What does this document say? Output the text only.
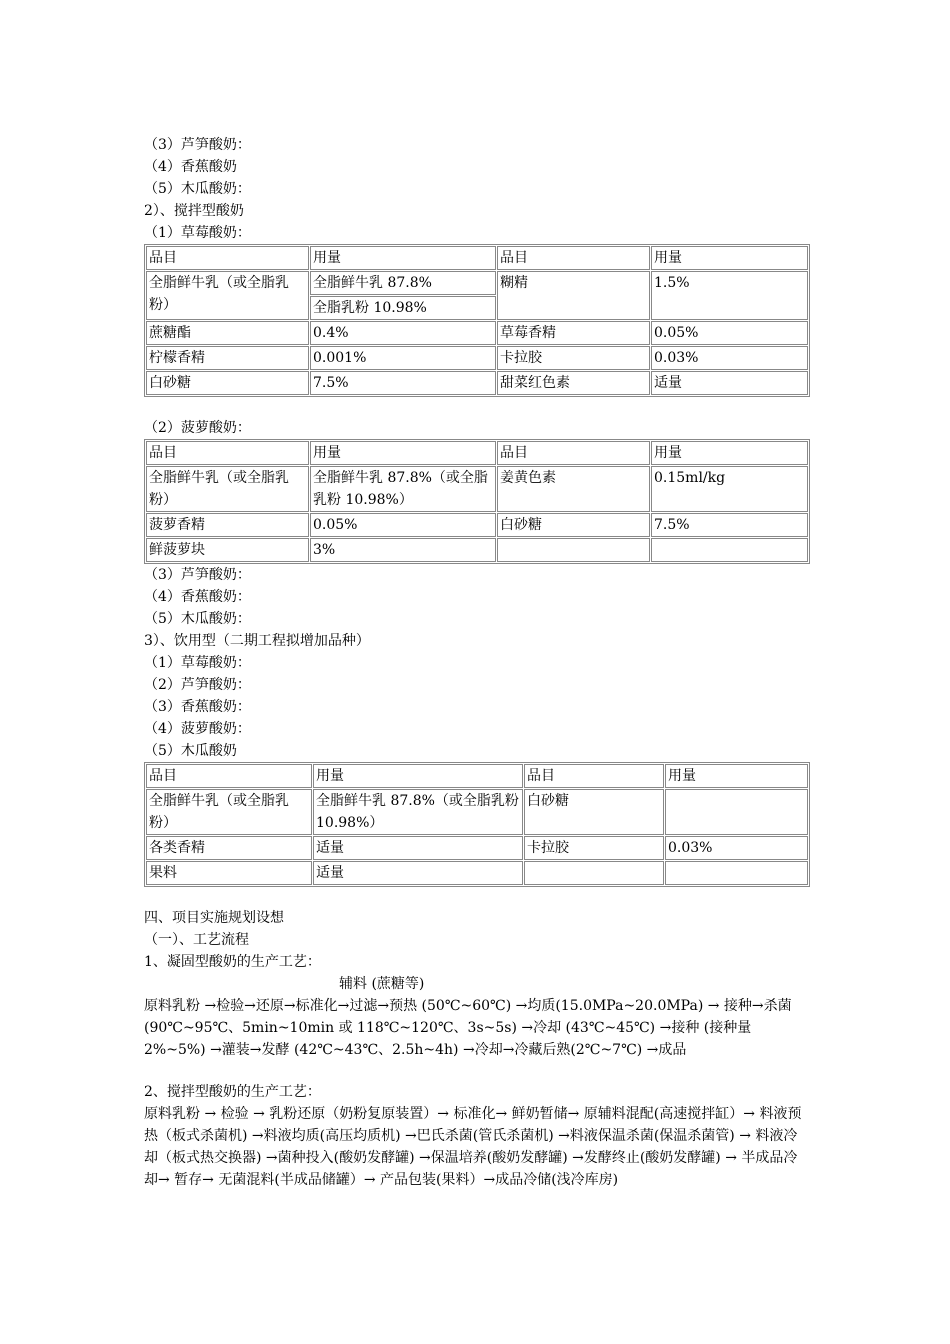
（3）芦笋酸奶：
（4）香蕉酸奶
（5）木瓜酸奶：
2）、搅拌型酸奶
（1）草莓酸奶：
品目	用量	品目	用量
全脂鲜牛乳（或全脂乳粉）	全脂鲜牛乳 87.8%	糊精	1.5%
	全脂乳粉 10.98%		
蔗糖酯	0.4%	草莓香精	0.05%
柠檬香精	0.001%	卡拉胶	0.03%
白砂糖	7.5%	甜菜红色素	适量
（2）菠萝酸奶：
品目	用量	品目	用量
全脂鲜牛乳（或全脂乳粉）	全脂鲜牛乳 87.8%（或全脂乳粉 10.98%）	姜黄色素	0.15ml/kg
菠萝香精	0.05%	白砂糖	7.5%
鲜菠萝块	3%		
（3）芦笋酸奶：
（4）香蕉酸奶：
（5）木瓜酸奶：
3）、饮用型（二期工程拟增加品种）
（1）草莓酸奶：
（2）芦笋酸奶：
（3）香蕉酸奶：
（4）菠萝酸奶：
（5）木瓜酸奶
品目	用量	品目	用量
全脂鲜牛乳（或全脂乳粉）	全脂鲜牛乳 87.8%（或全脂乳粉 10.98%）	白砂糖	
各类香精	适量	卡拉胶	0.03%
果料	适量		
四、项目实施规划设想
（一）、工艺流程
1、凝固型酸奶的生产工艺：
辅料 (蔗糖等)
原料乳粉 →检验→还原→标准化→过滤→预热 (50℃~60℃) →均质(15.0MPa~20.0MPa) → 接种→杀菌 (90℃~95℃、5min~10min 或 118℃~120℃、3s~5s) →冷却 (43℃~45℃) →接种 (接种量 2%~5%) →灌装→发酵 (42℃~43℃、2.5h~4h) →冷却→冷藏后熟(2℃~7℃) →成品
2、搅拌型酸奶的生产工艺：
原料乳粉 → 检验 → 乳粉还原（奶粉复原装置）→ 标准化→ 鲜奶暂储→ 原辅料混配(高速搅拌缸）→ 料液预热（板式杀菌机) →料液均质(高压均质机) →巴氏杀菌(管氏杀菌机) →料液保温杀菌(保温杀菌管) → 料液冷却（板式热交换器) →菌种投入(酸奶发酵罐) →保温培养(酸奶发酵罐) →发酵终止(酸奶发酵罐) → 半成品冷却→ 暂存→ 无菌混料(半成品储罐）→ 产品包装(果料）→成品冷储(浅冷库房)
